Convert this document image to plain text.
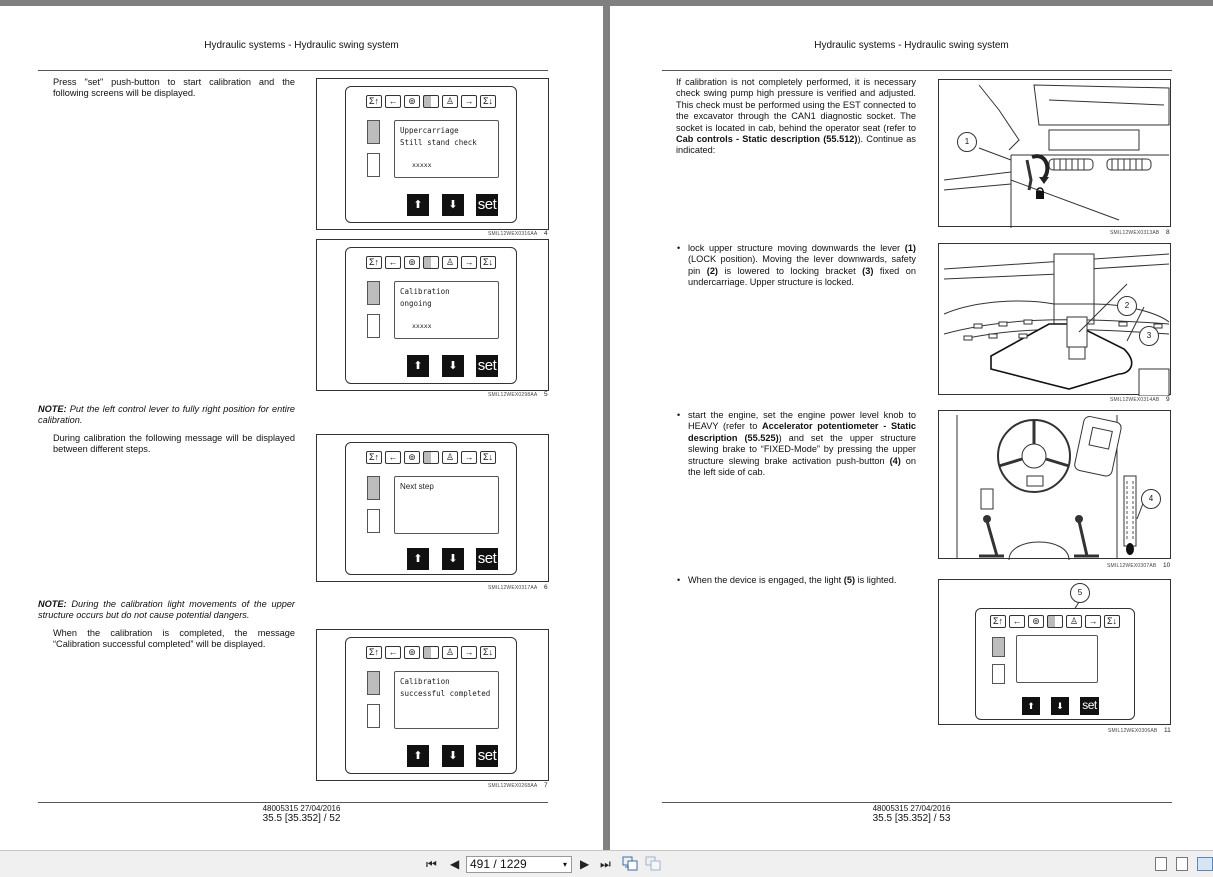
Hydraulic systems - Hydraulic swing system
Press "set" push-button to start calibration and the following screens will be displayed.
NOTE: Put the left control lever to fully right position for entire calibration.
During calibration the following message will be displayed between different steps.
NOTE: During the calibration light movements of the upper structure occurs but do not cause potential dangers.
When the calibration is completed, the message “Calibration successful completed” will be displayed.
Σ↑	←	⊚	♙	→	Σ↓
Uppercarriage
Still stand check
xxxxx
⬆	⬇	set
SMIL12WEX0316AA 4
Σ↑	←	⊚	♙	→	Σ↓
Calibration
ongoing
xxxxx
⬆	⬇	set
SMIL12WEX0298AA 5
Σ↑	←	⊚	♙	→	Σ↓
Next step
⬆	⬇	set
SMIL12WEX0317AA 6
Σ↑	←	⊚	♙	→	Σ↓
Calibration
successful completed
⬆	⬇	set
SMIL12WEX0268AA 7
48005315 27/04/2016
35.5 [35.352] / 52
Hydraulic systems - Hydraulic swing system
If calibration is not completely performed, it is necessary check swing pump high pressure is verified and adjusted. This check must be performed using the EST connected to the excavator through the CAN1 diagnostic socket. The socket is located in cab, behind the operator seat (refer to Cab controls - Static description (55.512)). Continue as indicated:
• lock upper structure moving downwards the lever (1) (LOCK position). Moving the lever downwards, safety pin (2) is lowered to locking bracket (3) fixed on undercarriage. Upper structure is locked.
• start the engine, set the engine power level knob to HEAVY (refer to Accelerator potentiometer - Static description (55.525)) and set the upper structure slewing brake to “FIXED-Mode” by pressing the upper structure slewing brake activation push-button (4) on the left side of cab.
• When the device is engaged, the light (5) is lighted.
1
SMIL12WEX0313AB 8
2
3
SMIL12WEX0314AB 9
4
SMIL12WEX0307AB 10
5
Σ↑	←	⊚	♙	→	Σ↓
⬆	⬇	set
SMIL12WEX0306AB 11
48005315 27/04/2016
35.5 [35.352] / 53
⏮ ◀ 491 / 1229	▾ ▶ ⏭
